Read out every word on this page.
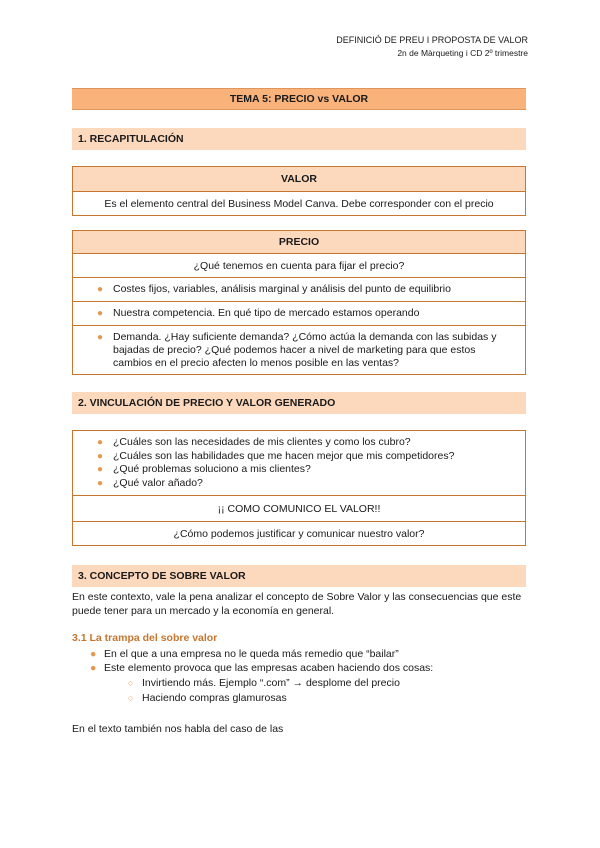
DEFINICIÓ DE PREU I PROPOSTA DE VALOR
2n de Màrqueting i CD 2º trimestre
TEMA 5: PRECIO vs VALOR
1. RECAPITULACIÓN
VALOR
Es el elemento central del Business Model Canva. Debe corresponder con el precio
PRECIO
¿Qué tenemos en cuenta para fijar el precio?
● Costes fijos, variables, análisis marginal y análisis del punto de equilibrio
● Nuestra competencia. En qué tipo de mercado estamos operando
● Demanda. ¿Hay suficiente demanda? ¿Cómo actúa la demanda con las subidas y bajadas de precio? ¿Qué podemos hacer a nivel de marketing para que estos cambios en el precio afecten lo menos posible en las ventas?
2. VINCULACIÓN DE PRECIO Y VALOR GENERADO
● ¿Cuáles son las necesidades de mis clientes y como los cubro?
● ¿Cuáles son las habilidades que me hacen mejor que mis competidores?
● ¿Qué problemas soluciono a mis clientes?
● ¿Qué valor añado?
¡¡ COMO COMUNICO EL VALOR!!
¿Cómo podemos justificar y comunicar nuestro valor?
3. CONCEPTO DE SOBRE VALOR
En este contexto, vale la pena analizar el concepto de Sobre Valor y las consecuencias que este puede tener para un mercado y la economía en general.
3.1 La trampa del sobre valor
● En el que a una empresa no le queda más remedio que “bailar”
● Este elemento provoca que las empresas acaben haciendo dos cosas:
○ Invirtiendo más. Ejemplo “.com” → desplome del precio
○ Haciendo compras glamurosas
En el texto también nos habla del caso de las
